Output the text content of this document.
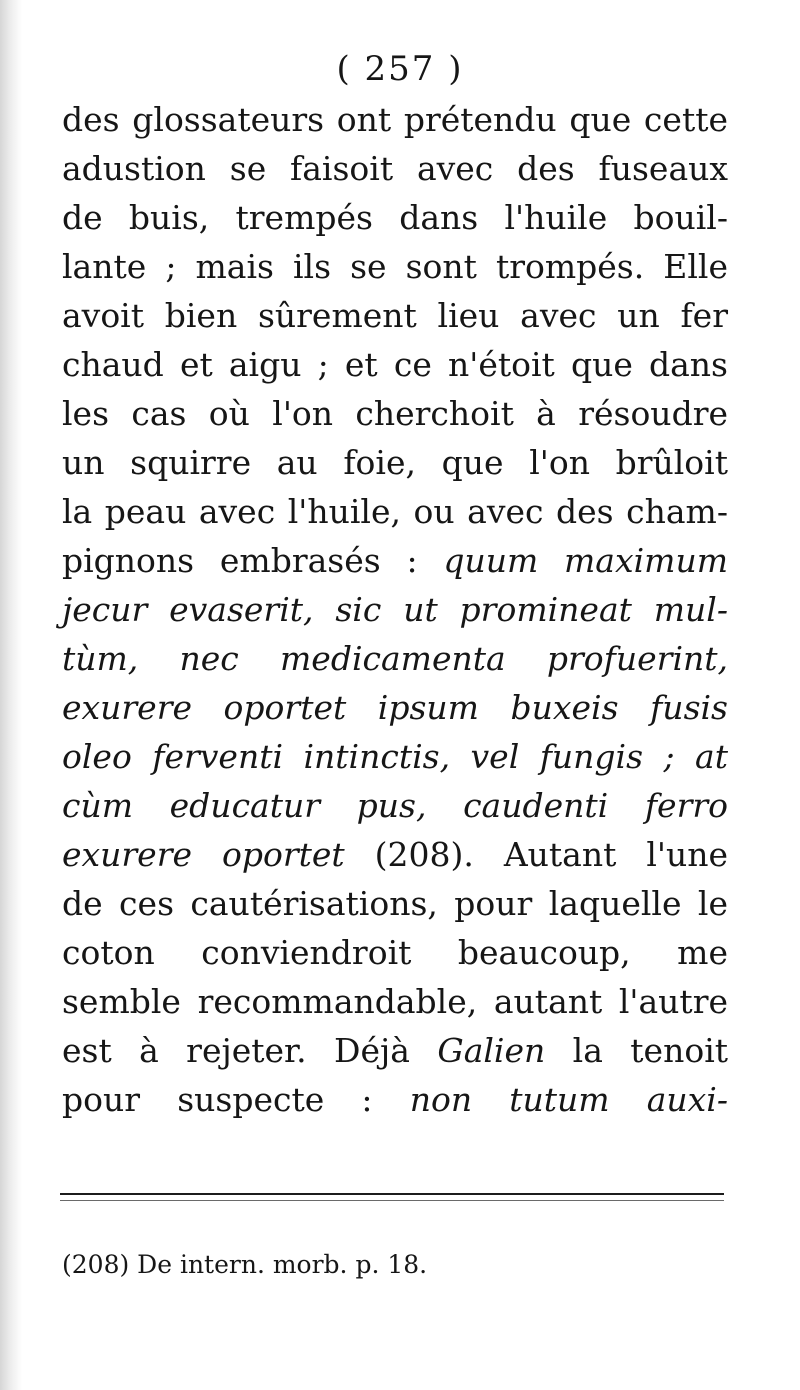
( 257 )
des glossateurs ont prétendu que cette
adustion se faisoit avec des fuseaux
de buis, trempés dans l'huile bouil-
lante ; mais ils se sont trompés. Elle
avoit bien sûrement lieu avec un fer
chaud et aigu ; et ce n'étoit que dans
les cas où l'on cherchoit à résoudre
un squirre au foie, que l'on brûloit
la peau avec l'huile, ou avec des cham-
pignons embrasés : quum maximum
jecur evaserit, sic ut promineat mul-
tùm, nec medicamenta profuerint,
exurere oportet ipsum buxeis fusis
oleo ferventi intinctis, vel fungis ; at
cùm educatur pus, caudenti ferro
exurere oportet (208). Autant l'une
de ces cautérisations, pour laquelle le
coton conviendroit beaucoup, me
semble recommandable, autant l'autre
est à rejeter. Déjà Galien la tenoit
pour suspecte : non tutum auxi-
(208) De intern. morb. p. 18.
